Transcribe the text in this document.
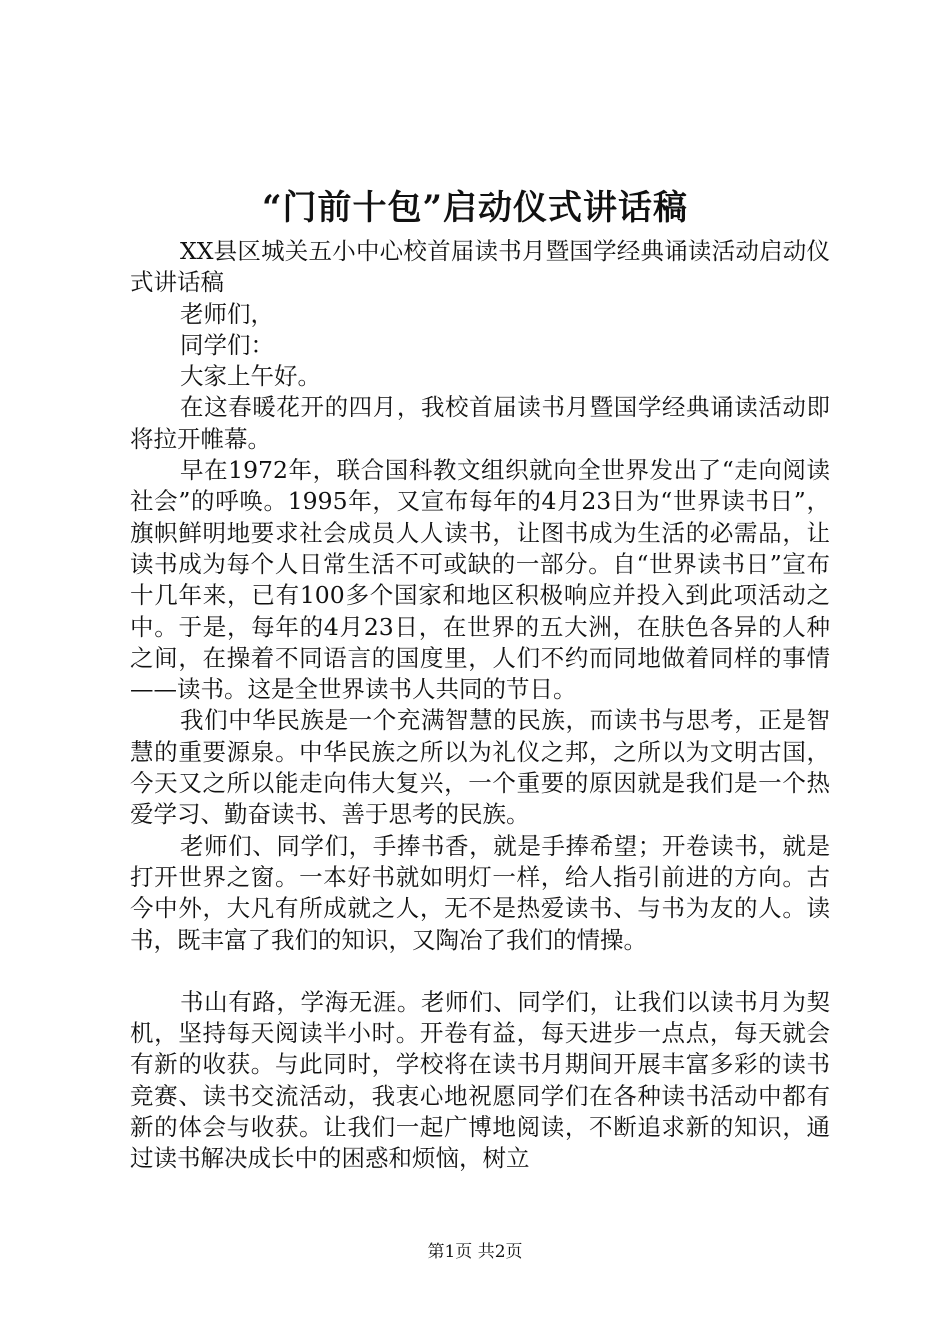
“门前十包”启动仪式讲话稿

XX县区城关五小中心校首届读书月暨国学经典诵读活动启动仪式讲话稿

老师们，

同学们：

大家上午好。

在这春暖花开的四月，我校首届读书月暨国学经典诵读活动即将拉开帷幕。

早在1972年，联合国科教文组织就向全世界发出了“走向阅读社会”的呼唤。1995年，又宣布每年的4月23日为“世界读书日”，旗帜鲜明地要求社会成员人人读书，让图书成为生活的必需品，让读书成为每个人日常生活不可或缺的一部分。自“世界读书日”宣布十几年来，已有100多个国家和地区积极响应并投入到此项活动之中。于是，每年的4月23日，在世界的五大洲，在肤色各异的人种之间，在操着不同语言的国度里，人们不约而同地做着同样的事情——读书。这是全世界读书人共同的节日。

我们中华民族是一个充满智慧的民族，而读书与思考，正是智慧的重要源泉。中华民族之所以为礼仪之邦，之所以为文明古国，今天又之所以能走向伟大复兴，一个重要的原因就是我们是一个热爱学习、勤奋读书、善于思考的民族。

老师们、同学们，手捧书香，就是手捧希望；开卷读书，就是打开世界之窗。一本好书就如明灯一样，给人指引前进的方向。古今中外，大凡有所成就之人，无不是热爱读书、与书为友的人。读书，既丰富了我们的知识，又陶冶了我们的情操。

书山有路，学海无涯。老师们、同学们，让我们以读书月为契机，坚持每天阅读半小时。开卷有益，每天进步一点点，每天就会有新的收获。与此同时，学校将在读书月期间开展丰富多彩的读书竞赛、读书交流活动，我衷心地祝愿同学们在各种读书活动中都有新的体会与收获。让我们一起广博地阅读，不断追求新的知识，通过读书解决成长中的困惑和烦恼，树立

第1页 共2页
